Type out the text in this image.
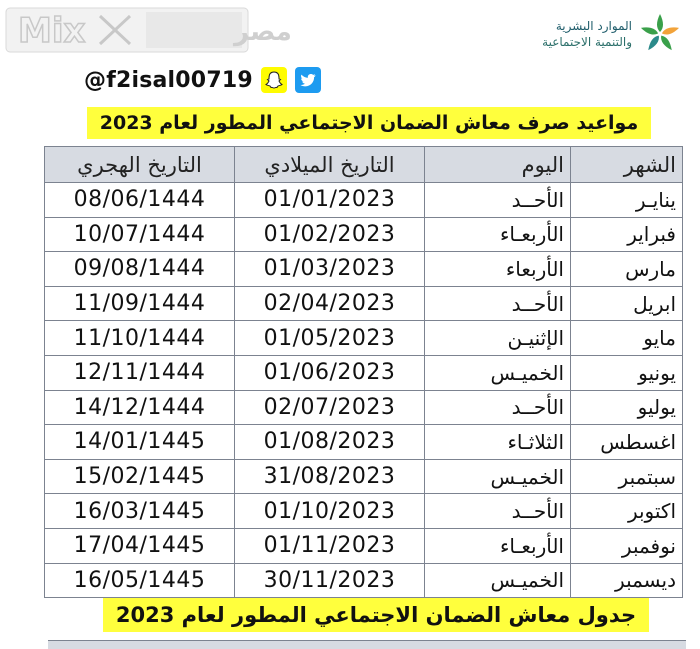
Mix	مصر	الموارد البشرية
والتنمية الاجتماعية
@f2isal00719
مواعيد صرف معاش الضمان الاجتماعي المطور لعام 2023
الشهر	اليوم	التاريخ الميلادي	التاريخ الهجري
ينايـر	الأحــد	01/01/2023	08/06/1444
فبراير	الأربعـاء	01/02/2023	10/07/1444
مارس	الأربعاء	01/03/2023	09/08/1444
ابريل	الأحــد	02/04/2023	11/09/1444
مايو	الإثنيـن	01/05/2023	11/10/1444
يونيو	الخميـس	01/06/2023	12/11/1444
يوليو	الأحــد	02/07/2023	14/12/1444
اغسطس	الثلاثـاء	01/08/2023	14/01/1445
سبتمبر	الخميـس	31/08/2023	15/02/1445
اكتوبر	الأحــد	01/10/2023	16/03/1445
نوفمبر	الأربعـاء	01/11/2023	17/04/1445
ديسمبر	الخميـس	30/11/2023	16/05/1445
جدول معاش الضمان الاجتماعي المطور لعام 2023
